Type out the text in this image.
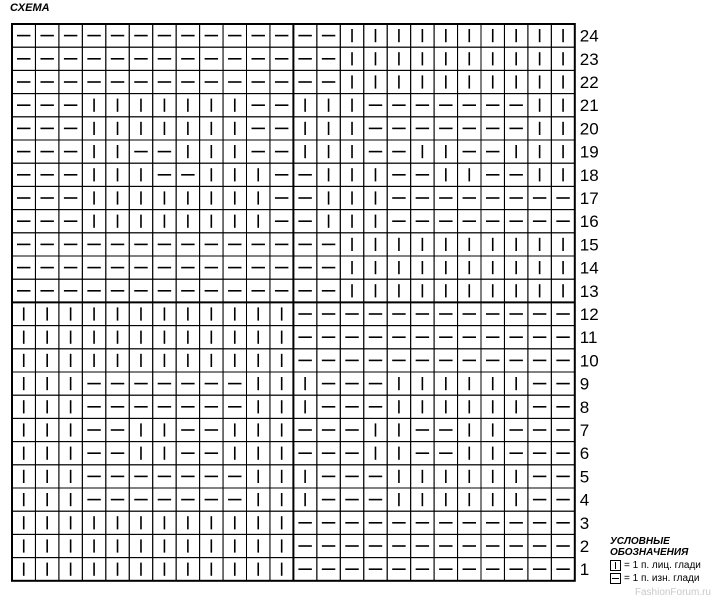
СХЕМА
24
23
22
21
20
19
18
17
16
15
14
13
12
11
10
9
8
7
6
5
4
3
2
1
УСЛОВНЫЕ
ОБОЗНАЧЕНИЯ
= 1 п. лиц. глади
= 1 п. изн. глади
FashionForum.ru
